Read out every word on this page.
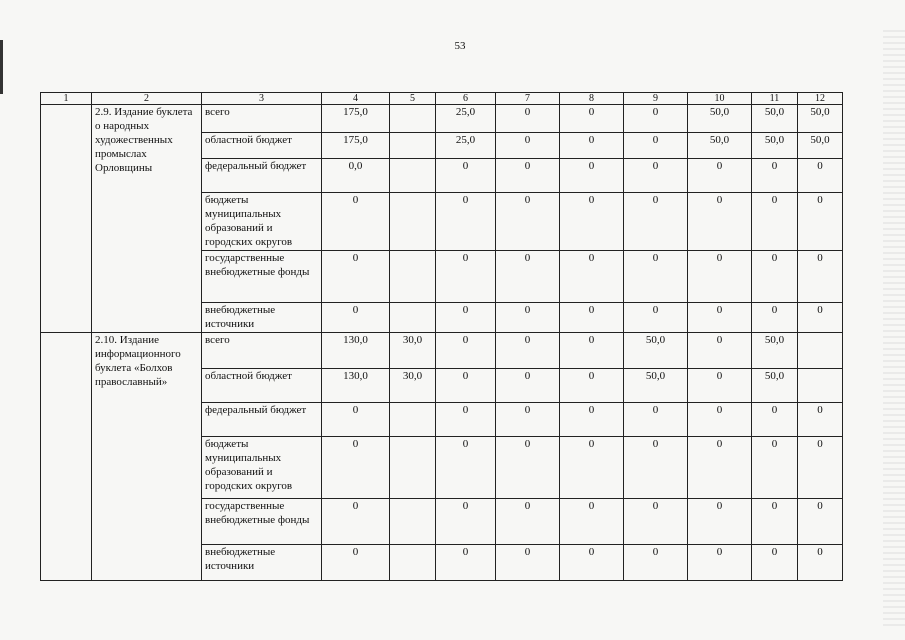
53
1	2	3	4	5	6	7	8	9	10	11	12
	2.9. Издание буклета о народных художественных промыслах Орловщины	всего	175,0		25,0	0	0	0	50,0	50,0	50,0
		областной бюджет	175,0		25,0	0	0	0	50,0	50,0	50,0
		федеральный бюджет	0,0		0	0	0	0	0	0	0
		бюджеты муниципальных образований и городских округов	0		0	0	0	0	0	0	0
		государственные внебюджетные фонды	0		0	0	0	0	0	0	0
		внебюджетные источники	0		0	0	0	0	0	0	0
	2.10. Издание информационного буклета «Болхов православный»	всего	130,0	30,0	0	0	0	50,0	0	50,0	
		областной бюджет	130,0	30,0	0	0	0	50,0	0	50,0	
		федеральный бюджет	0		0	0	0	0	0	0	0
		бюджеты муниципальных образований и городских округов	0		0	0	0	0	0	0	0
		государственные внебюджетные фонды	0		0	0	0	0	0	0	0
		внебюджетные источники	0		0	0	0	0	0	0	0
